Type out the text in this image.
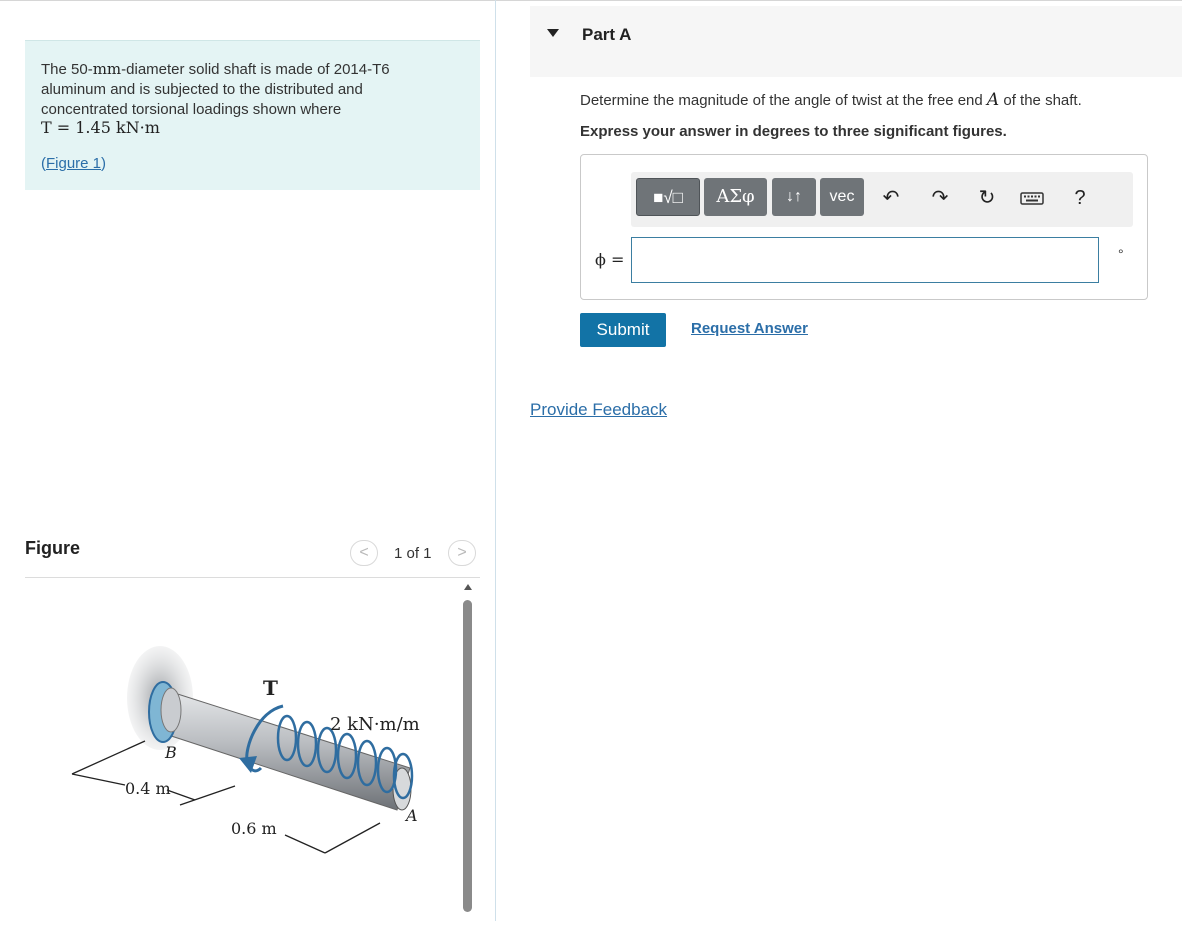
The 50-mm-diameter solid shaft is made of 2014-T6 aluminum and is subjected to the distributed and concentrated torsional loadings shown where
T = 1.45 kN·m
(Figure 1)
Figure	<	1 of 1	>
T
2 kN·m/m
B
A
0.4 m
0.6 m
Part A
Determine the magnitude of the angle of twist at the free end A of the shaft.
Express your answer in degrees to three significant figures.
■√□	ΑΣφ	↓↑	vec	↶ ↷ ↻	?
ϕ =	°
Submit	Request Answer
Provide Feedback
